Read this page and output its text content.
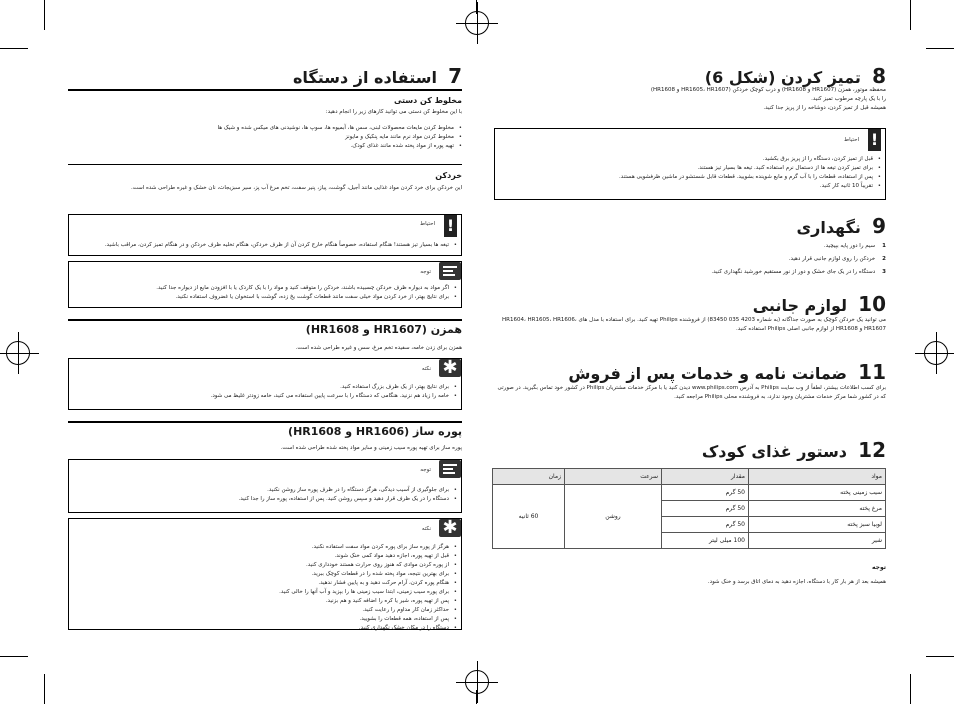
7  استفاده از دستگاه
مخلوط کن دستی
با این مخلوط کن دستی می توانید کارهای زیر را انجام دهید:
• مخلوط کردن مایعات محصولات لبنی، سس ها، آبمیوه ها، سوپ ها، نوشیدنی های میکس شده و شیک ها
• مخلوط کردن مواد نرم مانند مایه پنکیک و مایونز
• تهیه پوره از مواد پخته شده مانند غذای کودک.
خردکن
این خردکن برای خرد کردن مواد غذایی مانند آجیل، گوشت، پیاز، پنیر سفت، تخم مرغ آب پز، سیر سبزیجات، نان خشک و غیره طراحی شده است.
!
احتیاط
• تیغه ها بسیار تیز هستند! هنگام استفاده، خصوصاً هنگام خارج کردن آن از ظرف خردکن، هنگام تخلیه ظرف خردکن و در هنگام تمیز کردن، مراقب باشید.
توجه
• اگر مواد به دیواره ظرف خردکن چسبیده باشند، خردکن را متوقف کنید و مواد را با یک کاردک یا با افزودن مایع از دیواره جدا کنید.
• برای نتایج بهتر، از خرد کردن مواد خیلی سفت مانند قطعات گوشت یخ زده، گوشت با استخوان یا غضروف استفاده نکنید.
همزن (HR1607 و HR1608)
همزن برای زدن خامه، سفیده تخم مرغ، سس و غیره طراحی شده است.
✱
نکته
• برای نتایج بهتر، از یک ظرف بزرگ استفاده کنید.
• خامه را زیاد هم نزنید. هنگامی که دستگاه را با سرعت پایین استفاده می کنید، خامه زودتر غلیظ می شود.
پوره ساز (HR1606 و HR1608)
پوره ساز برای تهیه پوره سیب زمینی و سایر مواد پخته شده طراحی شده است.
توجه
• برای جلوگیری از آسیب دیدگی، هرگز دستگاه را در ظرف پوره ساز روشن نکنید.
• دستگاه را در یک ظرف قرار دهید و سپس روشن کنید. پس از استفاده، پوره ساز را جدا کنید.
✱
نکته
• هرگز از پوره ساز برای پوره کردن مواد سفت استفاده نکنید.
• قبل از تهیه پوره، اجازه دهید مواد کمی خنک شوند.
• از پوره کردن موادی که هنوز روی حرارت هستند خودداری کنید.
• برای بهترین نتیجه، مواد پخته شده را در قطعات کوچک ببرید.
• هنگام پوره کردن، آرام حرکت دهید و به پایین فشار ندهید.
• برای پوره سیب زمینی، ابتدا سیب زمینی ها را بپزید و آب آنها را خالی کنید.
• پس از تهیه پوره، شیر یا کره را اضافه کنید و هم بزنید.
• حداکثر زمان کار مداوم را رعایت کنید.
• پس از استفاده، همه قطعات را بشویید.
• دستگاه را در مکان خشک نگهداری کنید.
8  تمیز کردن (شکل 6)
محفظه موتور، همزن (HR1607 و HR1608) و درب کوچک خردکن (HR1605، HR1607 و HR1608)
را با یک پارچه مرطوب تمیز کنید.
همیشه قبل از تمیز کردن، دوشاخه را از پریز جدا کنید.
!
احتیاط
• قبل از تمیز کردن، دستگاه را از پریز برق بکشید.
• برای تمیز کردن تیغه ها از دستمال نرم استفاده کنید. تیغه ها بسیار تیز هستند.
• پس از استفاده، قطعات را با آب گرم و مایع شوینده بشویید. قطعات قابل شستشو در ماشین ظرفشویی هستند.
• تقریباً 10 ثانیه کار کنید.
9  نگهداری
1    سیم را دور پایه بپیچید.
2    خردکن را روی لوازم جانبی قرار دهید.
3    دستگاه را در یک جای خشک و دور از نور مستقیم خورشید نگهداری کنید.
10  لوازم جانبی
می توانید یک خردکن کوچک به صورت جداگانه (به شماره 4203 035 83450) از فروشنده Philips تهیه کنید. برای استفاده با مدل های HR1604، HR1605، HR1606، HR1607 و HR1608 از لوازم جانبی اصلی Philips استفاده کنید.
11  ضمانت نامه و خدمات پس از فروش
برای کسب اطلاعات بیشتر، لطفاً از وب سایت Philips به آدرس www.philips.com دیدن کنید یا با مرکز خدمات مشتریان Philips در کشور خود تماس بگیرید. در صورتی که در کشور شما مرکز خدمات مشتریان وجود ندارد، به فروشنده محلی Philips مراجعه کنید.
12  دستور غذای کودک
مواد	مقدار	سرعت	زمان
سیب زمینی پخته	50 گرم	روشن	60 ثانیه
مرغ پخته	50 گرم		
لوبیا سبز پخته	50 گرم		
شیر	100 میلی لیتر		
توجه
همیشه بعد از هر بار کار با دستگاه، اجازه دهید به دمای اتاق برسد و خنک شود.
